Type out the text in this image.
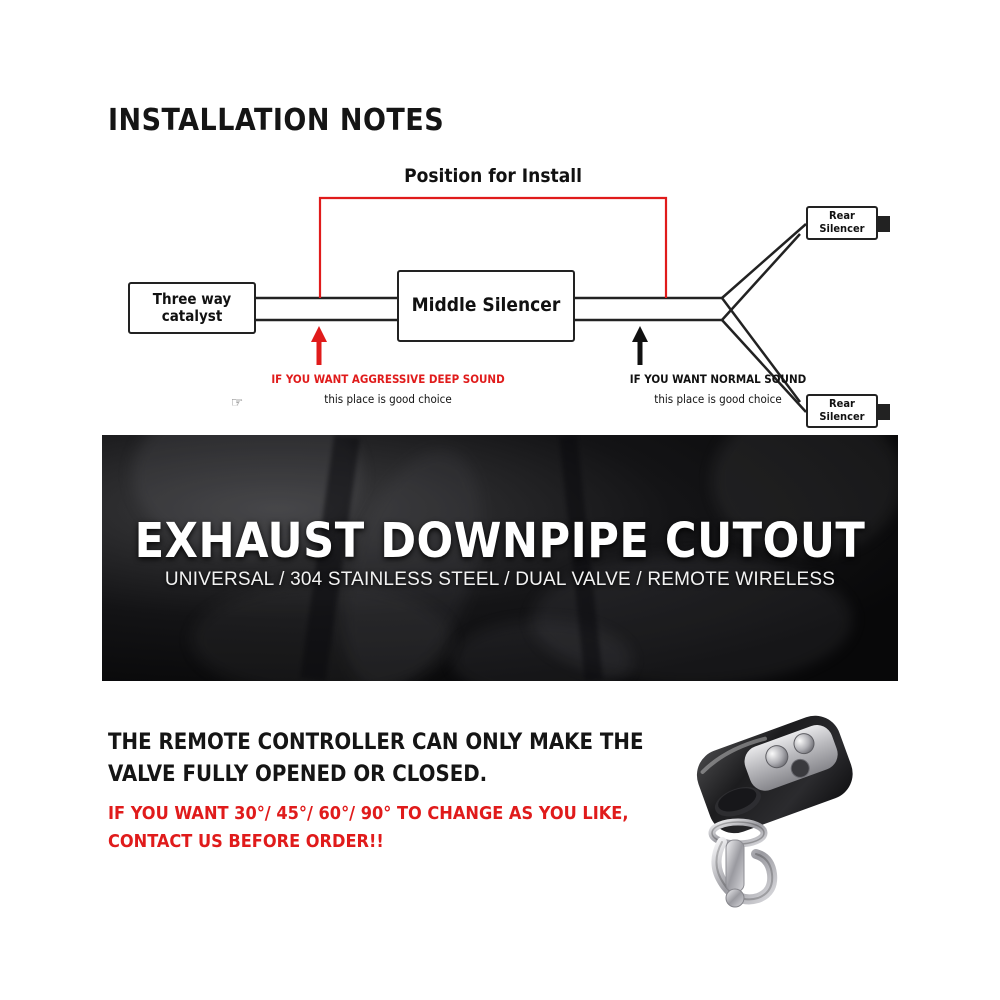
INSTALLATION NOTES
Position for Install
Three way catalyst	Middle Silencer
Rear Silencer
Rear Silencer
IF YOU WANT AGGRESSIVE DEEP SOUND
this place is good choice
☞
IF YOU WANT NORMAL SOUND
this place is good choice
EXHAUST DOWNPIPE CUTOUT
UNIVERSAL / 304 STAINLESS STEEL / DUAL VALVE / REMOTE WIRELESS
THE REMOTE CONTROLLER CAN ONLY MAKE THE VALVE FULLY OPENED OR CLOSED.
IF YOU WANT 30°/ 45°/ 60°/ 90° TO CHANGE AS YOU LIKE, CONTACT US BEFORE ORDER!!
